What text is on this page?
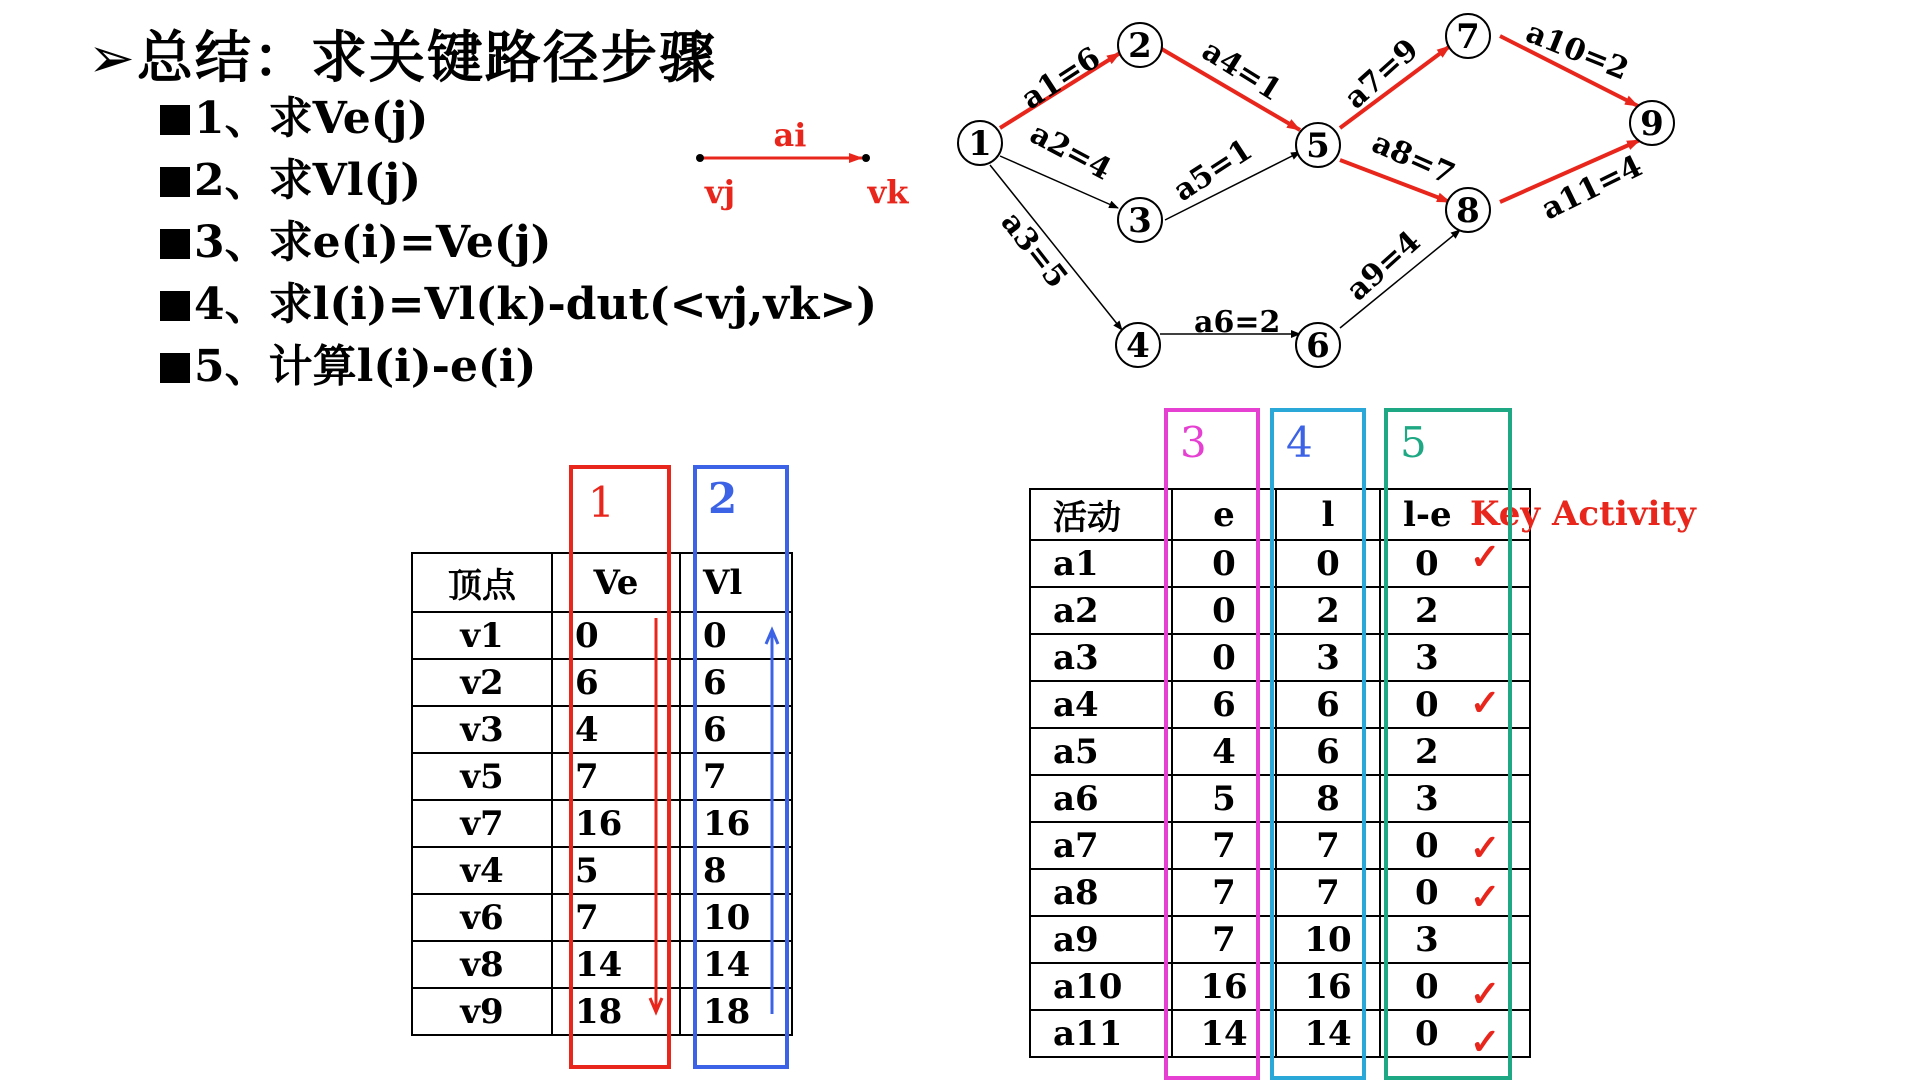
➢总结：求关键路径步骤
1、求Ve(j)
2、求Vl(j)
3、求e(i)=Ve(j)
4、求l(i)=Vl(k)-dut(<vj,vk>)
5、计算l(i)-e(i)
ai
vj	vk
a1=6
a2=4
a3=5
a4=1
a5=1
a6=2
a7=9
a8=7
a9=4
a10=2
a11=4
1
2
3
4
5
6
7
8
9
顶点	Ve	Vl
v1	0	0
v2	6	6
v3	4	6
v5	7	7
v7	16	16
v4	5	8
v6	7	10
v8	14	14
v9	18	18
活动	e	l	l-e
a1	0	0	0
a2	0	2	2
a3	0	3	3
a4	6	6	0
a5	4	6	2
a6	5	8	3
a7	7	7	0
a8	7	7	0
a9	7	10	3
a10	16	16	0
a11	14	14	0
Key Activity
1 2
3 4 5
✓
✓
✓
✓
✓
✓
